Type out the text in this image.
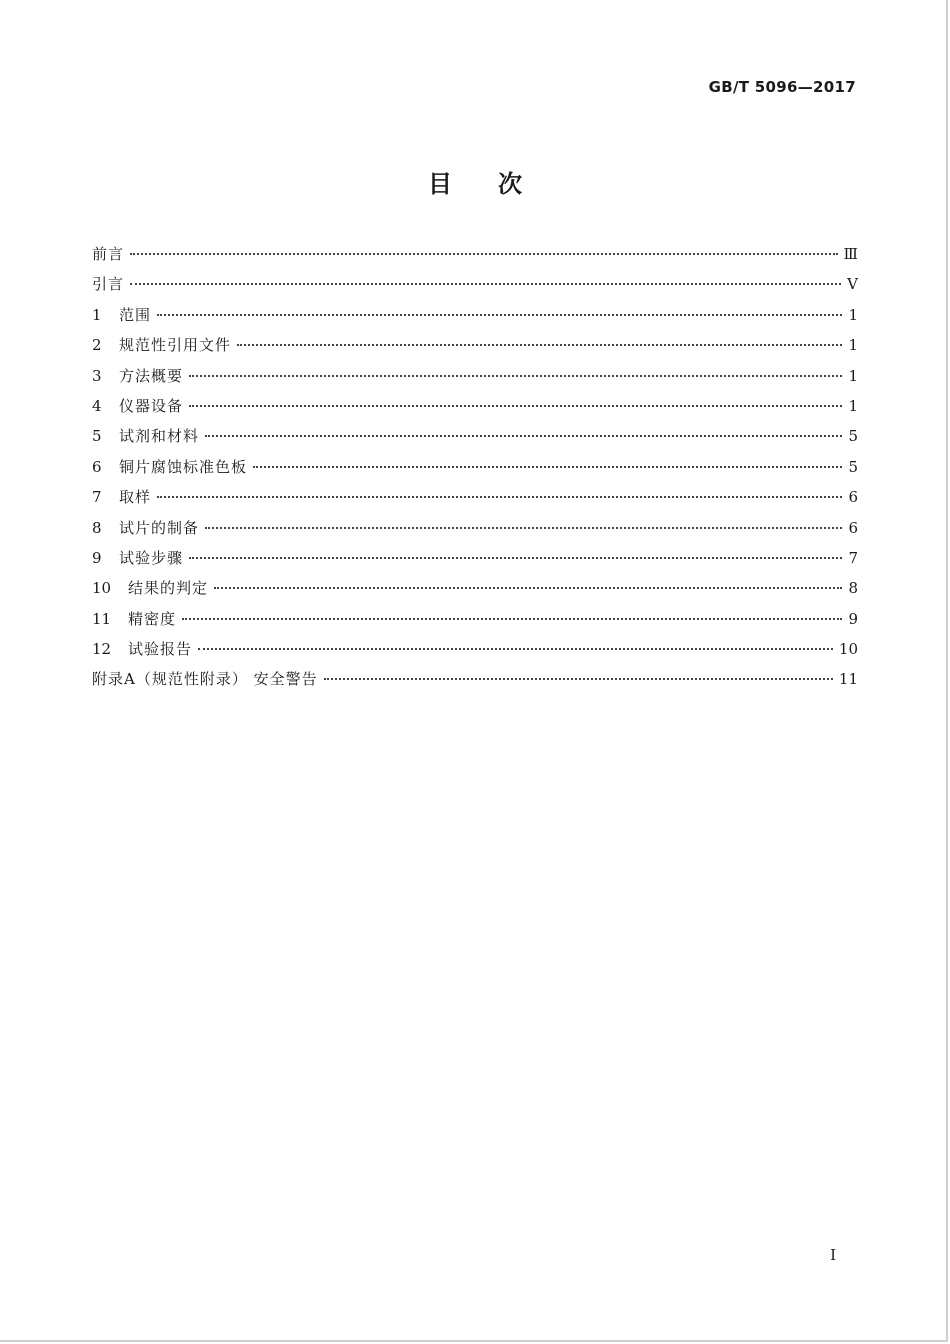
GB/T 5096—2017
目次
前言	Ⅲ
引言	Ⅴ
1	范围	1
2	规范性引用文件	1
3	方法概要	1
4	仪器设备	1
5	试剂和材料	5
6	铜片腐蚀标准色板	5
7	取样	6
8	试片的制备	6
9	试验步骤	7
10	结果的判定	8
11	精密度	9
12	试验报告	10
附录A（规范性附录） 安全警告	11
I
